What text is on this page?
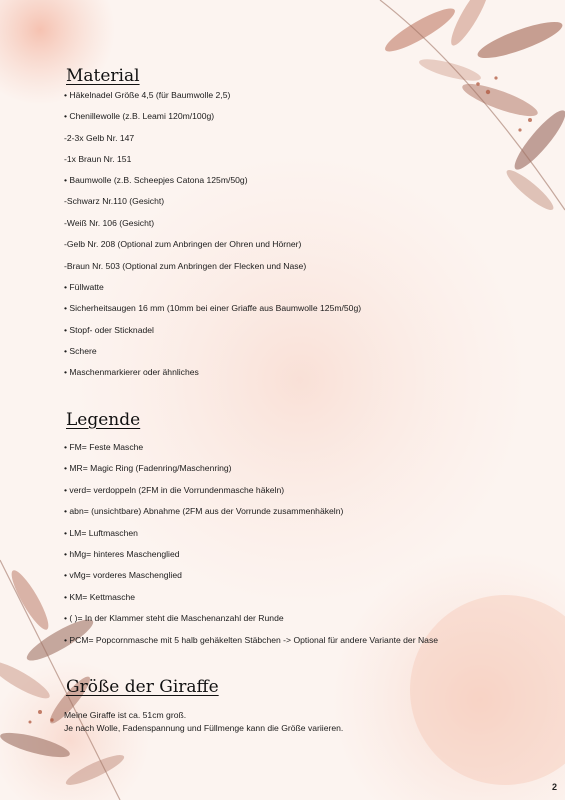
Material
• Häkelnadel Größe 4,5 (für Baumwolle 2,5)
• Chenillewolle (z.B. Leami 120m/100g)
-2-3x Gelb Nr. 147
-1x Braun Nr. 151
• Baumwolle (z.B. Scheepjes Catona 125m/50g)
-Schwarz Nr.110 (Gesicht)
-Weiß Nr. 106 (Gesicht)
-Gelb Nr. 208 (Optional zum Anbringen der Ohren und Hörner)
-Braun Nr. 503 (Optional zum Anbringen der Flecken und Nase)
• Füllwatte
• Sicherheitsaugen 16 mm (10mm bei einer Griaffe aus Baumwolle 125m/50g)
• Stopf- oder Sticknadel
• Schere
• Maschenmarkierer oder ähnliches
Legende
• FM= Feste Masche
• MR= Magic Ring (Fadenring/Maschenring)
• verd= verdoppeln (2FM in die Vorrundenmasche häkeln)
• abn= (unsichtbare) Abnahme (2FM aus der Vorrunde zusammenhäkeln)
• LM= Luftmaschen
• hMg= hinteres Maschenglied
• vMg= vorderes Maschenglied
• KM= Kettmasche
• ( )= In der Klammer steht die Maschenanzahl der Runde
• PCM= Popcornmasche mit 5 halb gehäkelten Stäbchen -> Optional für andere Variante der Nase
Größe der Giraffe
Meine Giraffe ist ca. 51cm groß.
Je nach Wolle, Fadenspannung und Füllmenge kann die Größe variieren.
2
